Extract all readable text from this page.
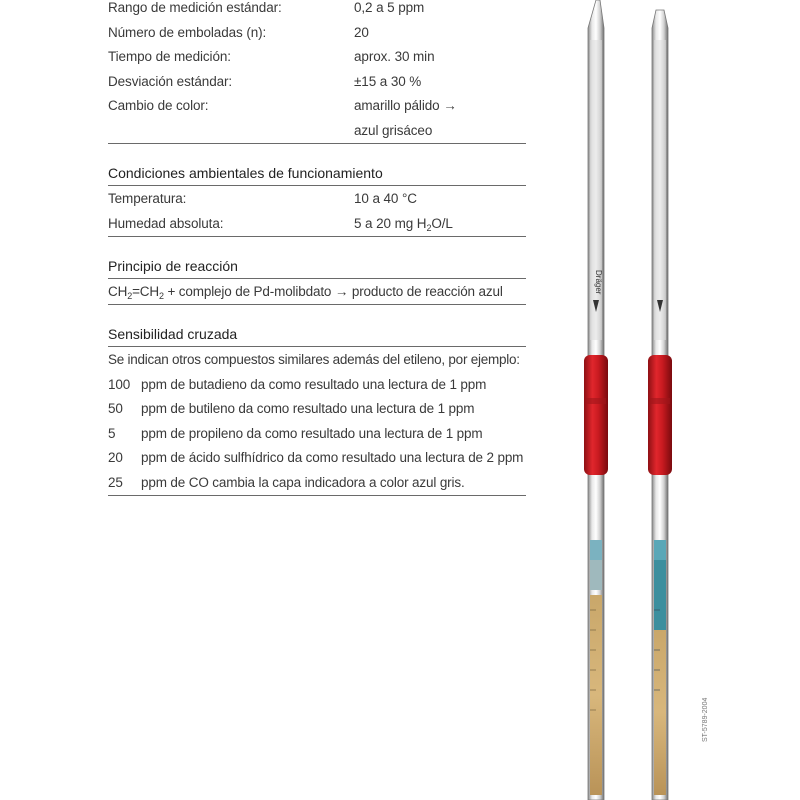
Rango de medición estándar:	0,2 a 5 ppm
Número de emboladas (n):	20
Tiempo de medición:	aprox. 30 min
Desviación estándar:	±15 a 30 %
Cambio de color:	amarillo pálido → azul grisáceo
Condiciones ambientales de funcionamiento
Temperatura:	10 a 40 °C
Humedad absoluta:	5 a 20 mg $H_2O/L$
Principio de reacción
$CH_2=CH_2$ + complejo de Pd-molibdato → producto de reacción azul
Sensibilidad cruzada
Se indican otros compuestos similares además del etileno, por ejemplo:
100 ppm de butadieno da como resultado una lectura de 1 ppm
50	ppm de butileno da como resultado una lectura de 1 ppm
5	ppm de propileno da como resultado una lectura de 1 ppm
20	ppm de ácido sulfhídrico da como resultado una lectura de 2 ppm
25	ppm de CO cambia la capa indicadora a color azul gris.
Dräger
ST-5789-2004
